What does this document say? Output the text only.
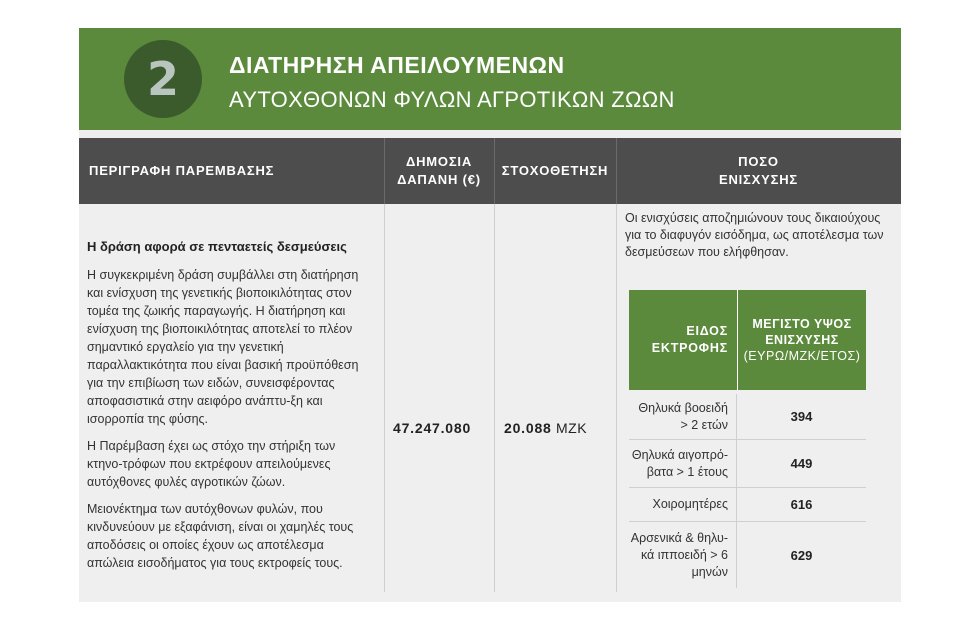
2	ΔΙΑΤΗΡΗΣΗ ΑΠΕΙΛΟΥΜΕΝΩΝ
ΑΥΤΟΧΘΟΝΩΝ ΦΥΛΩΝ ΑΓΡΟΤΙΚΩΝ ΖΩΩΝ
ΠΕΡΙΓΡΑΦΗ ΠΑΡΕΜΒΑΣΗΣ
ΔΗΜΟΣΙΑ
ΔΑΠΑΝΗ (€)
ΣΤΟΧΟΘΕΤΗΣΗ
ΠΟΣΟ
ΕΝΙΣΧΥΣΗΣ
Η δράση αφορά σε πενταετείς δεσμεύσεις

Η συγκεκριμένη δράση συμβάλλει στη διατήρηση και ενίσχυση της γενετικής βιοποικιλότητας στον τομέα της ζωικής παραγωγής. Η διατήρηση και ενίσχυση της βιοποικιλότητας αποτελεί το πλέον σημαντικό εργαλείο για την γενετική παραλλακτικότητα που είναι βασική προϋπόθεση για την επιβίωση των ειδών, συνεισφέροντας αποφασιστικά στην αειφόρο ανάπτυ-ξη και ισορροπία της φύσης.

Η Παρέμβαση έχει ως στόχο την στήριξη των κτηνο-τρόφων που εκτρέφουν απειλούμενες αυτόχθονες φυλές αγροτικών ζώων.

Μειονέκτημα των αυτόχθονων φυλών, που κινδυνεύουν με εξαφάνιση, είναι οι χαμηλές τους αποδόσεις οι οποίες έχουν ως αποτέλεσμα απώλεια εισοδήματος για τους εκτροφείς τους.

47.247.080 20.088 ΜΖΚ
Οι ενισχύσεις αποζημιώνουν τους δικαιούχους για το διαφυγόν εισόδημα, ως αποτέλεσμα των δεσμεύσεων που ελήφθησαν.
ΕΙΔΟΣ
ΕΚΤΡΟΦΗΣ
ΜΕΓΙΣΤΟ ΥΨΟΣ
ΕΝΙΣΧΥΣΗΣ
(ΕΥΡΩ/ΜΖΚ/ΕΤΟΣ)
Θηλυκά βοοειδή > 2 ετών
394
Θηλυκά αιγοπρό-βατα > 1 έτους
449
Χοιρομητέρες	616
Αρσενικά & θηλυ-κά ιπποειδή > 6 μηνών
629
